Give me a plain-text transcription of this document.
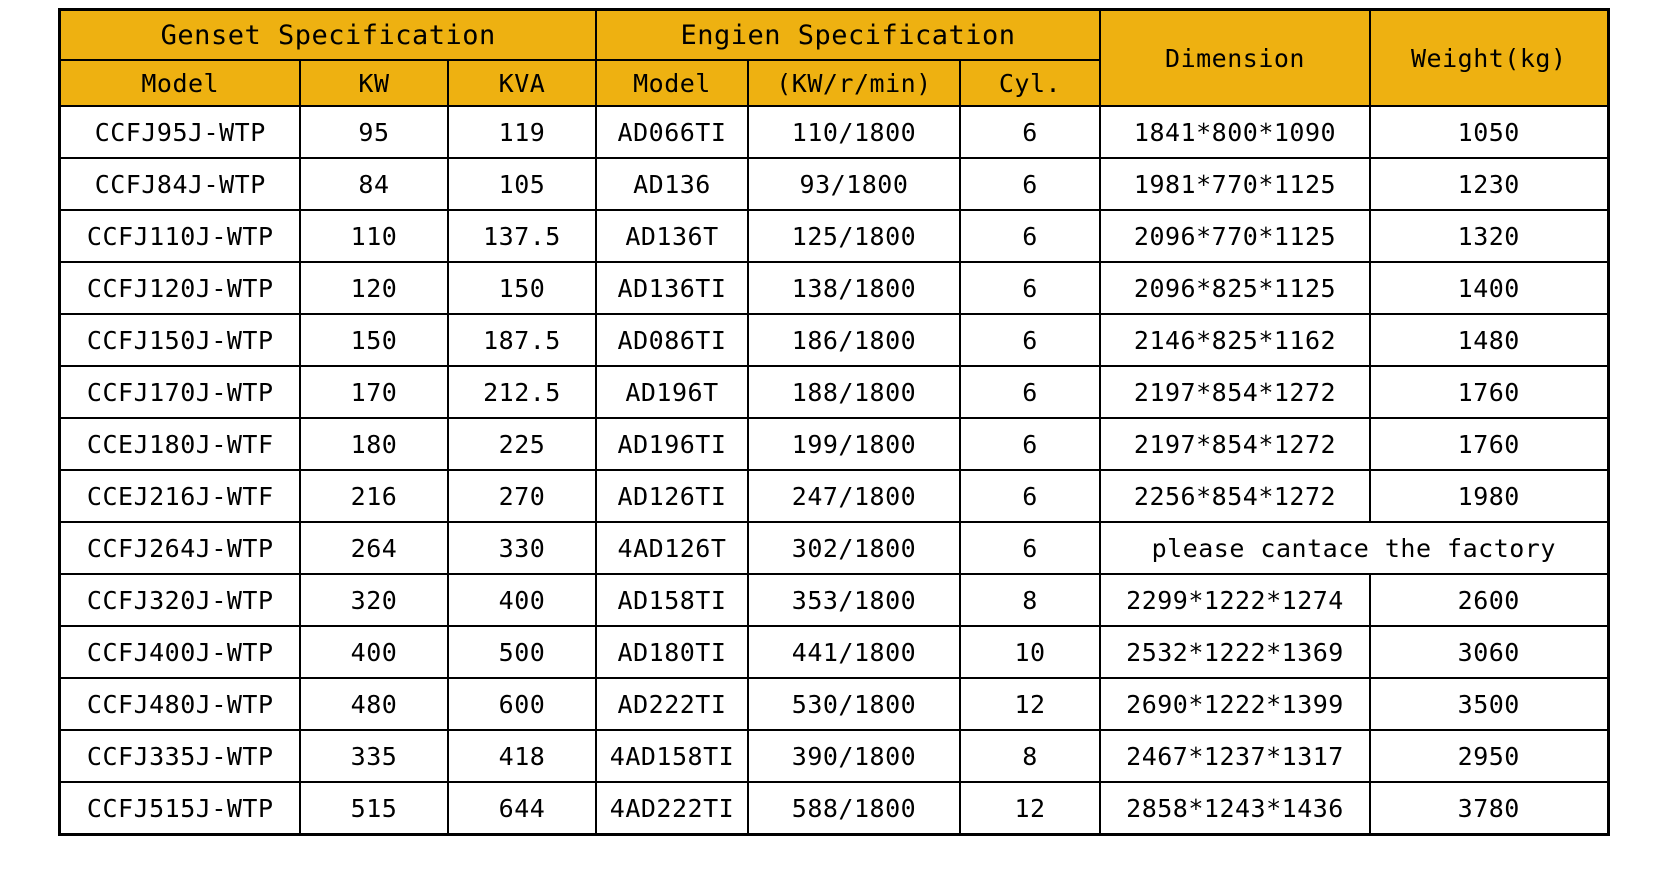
Genset Specification			Engien Specification			Dimension	Weight(kg)
Model	KW	KVA	Model	(KW/r/min)	Cyl.		
CCFJ95J-WTP	95	119	AD066TI	110/1800	6	1841*800*1090	1050
CCFJ84J-WTP	84	105	AD136	93/1800	6	1981*770*1125	1230
CCFJ110J-WTP	110	137.5	AD136T	125/1800	6	2096*770*1125	1320
CCFJ120J-WTP	120	150	AD136TI	138/1800	6	2096*825*1125	1400
CCFJ150J-WTP	150	187.5	AD086TI	186/1800	6	2146*825*1162	1480
CCFJ170J-WTP	170	212.5	AD196T	188/1800	6	2197*854*1272	1760
CCEJ180J-WTF	180	225	AD196TI	199/1800	6	2197*854*1272	1760
CCEJ216J-WTF	216	270	AD126TI	247/1800	6	2256*854*1272	1980
CCFJ264J-WTP	264	330	4AD126T	302/1800	6	please cantace the factory	
CCFJ320J-WTP	320	400	AD158TI	353/1800	8	2299*1222*1274	2600
CCFJ400J-WTP	400	500	AD180TI	441/1800	10	2532*1222*1369	3060
CCFJ480J-WTP	480	600	AD222TI	530/1800	12	2690*1222*1399	3500
CCFJ335J-WTP	335	418	4AD158TI	390/1800	8	2467*1237*1317	2950
CCFJ515J-WTP	515	644	4AD222TI	588/1800	12	2858*1243*1436	3780
